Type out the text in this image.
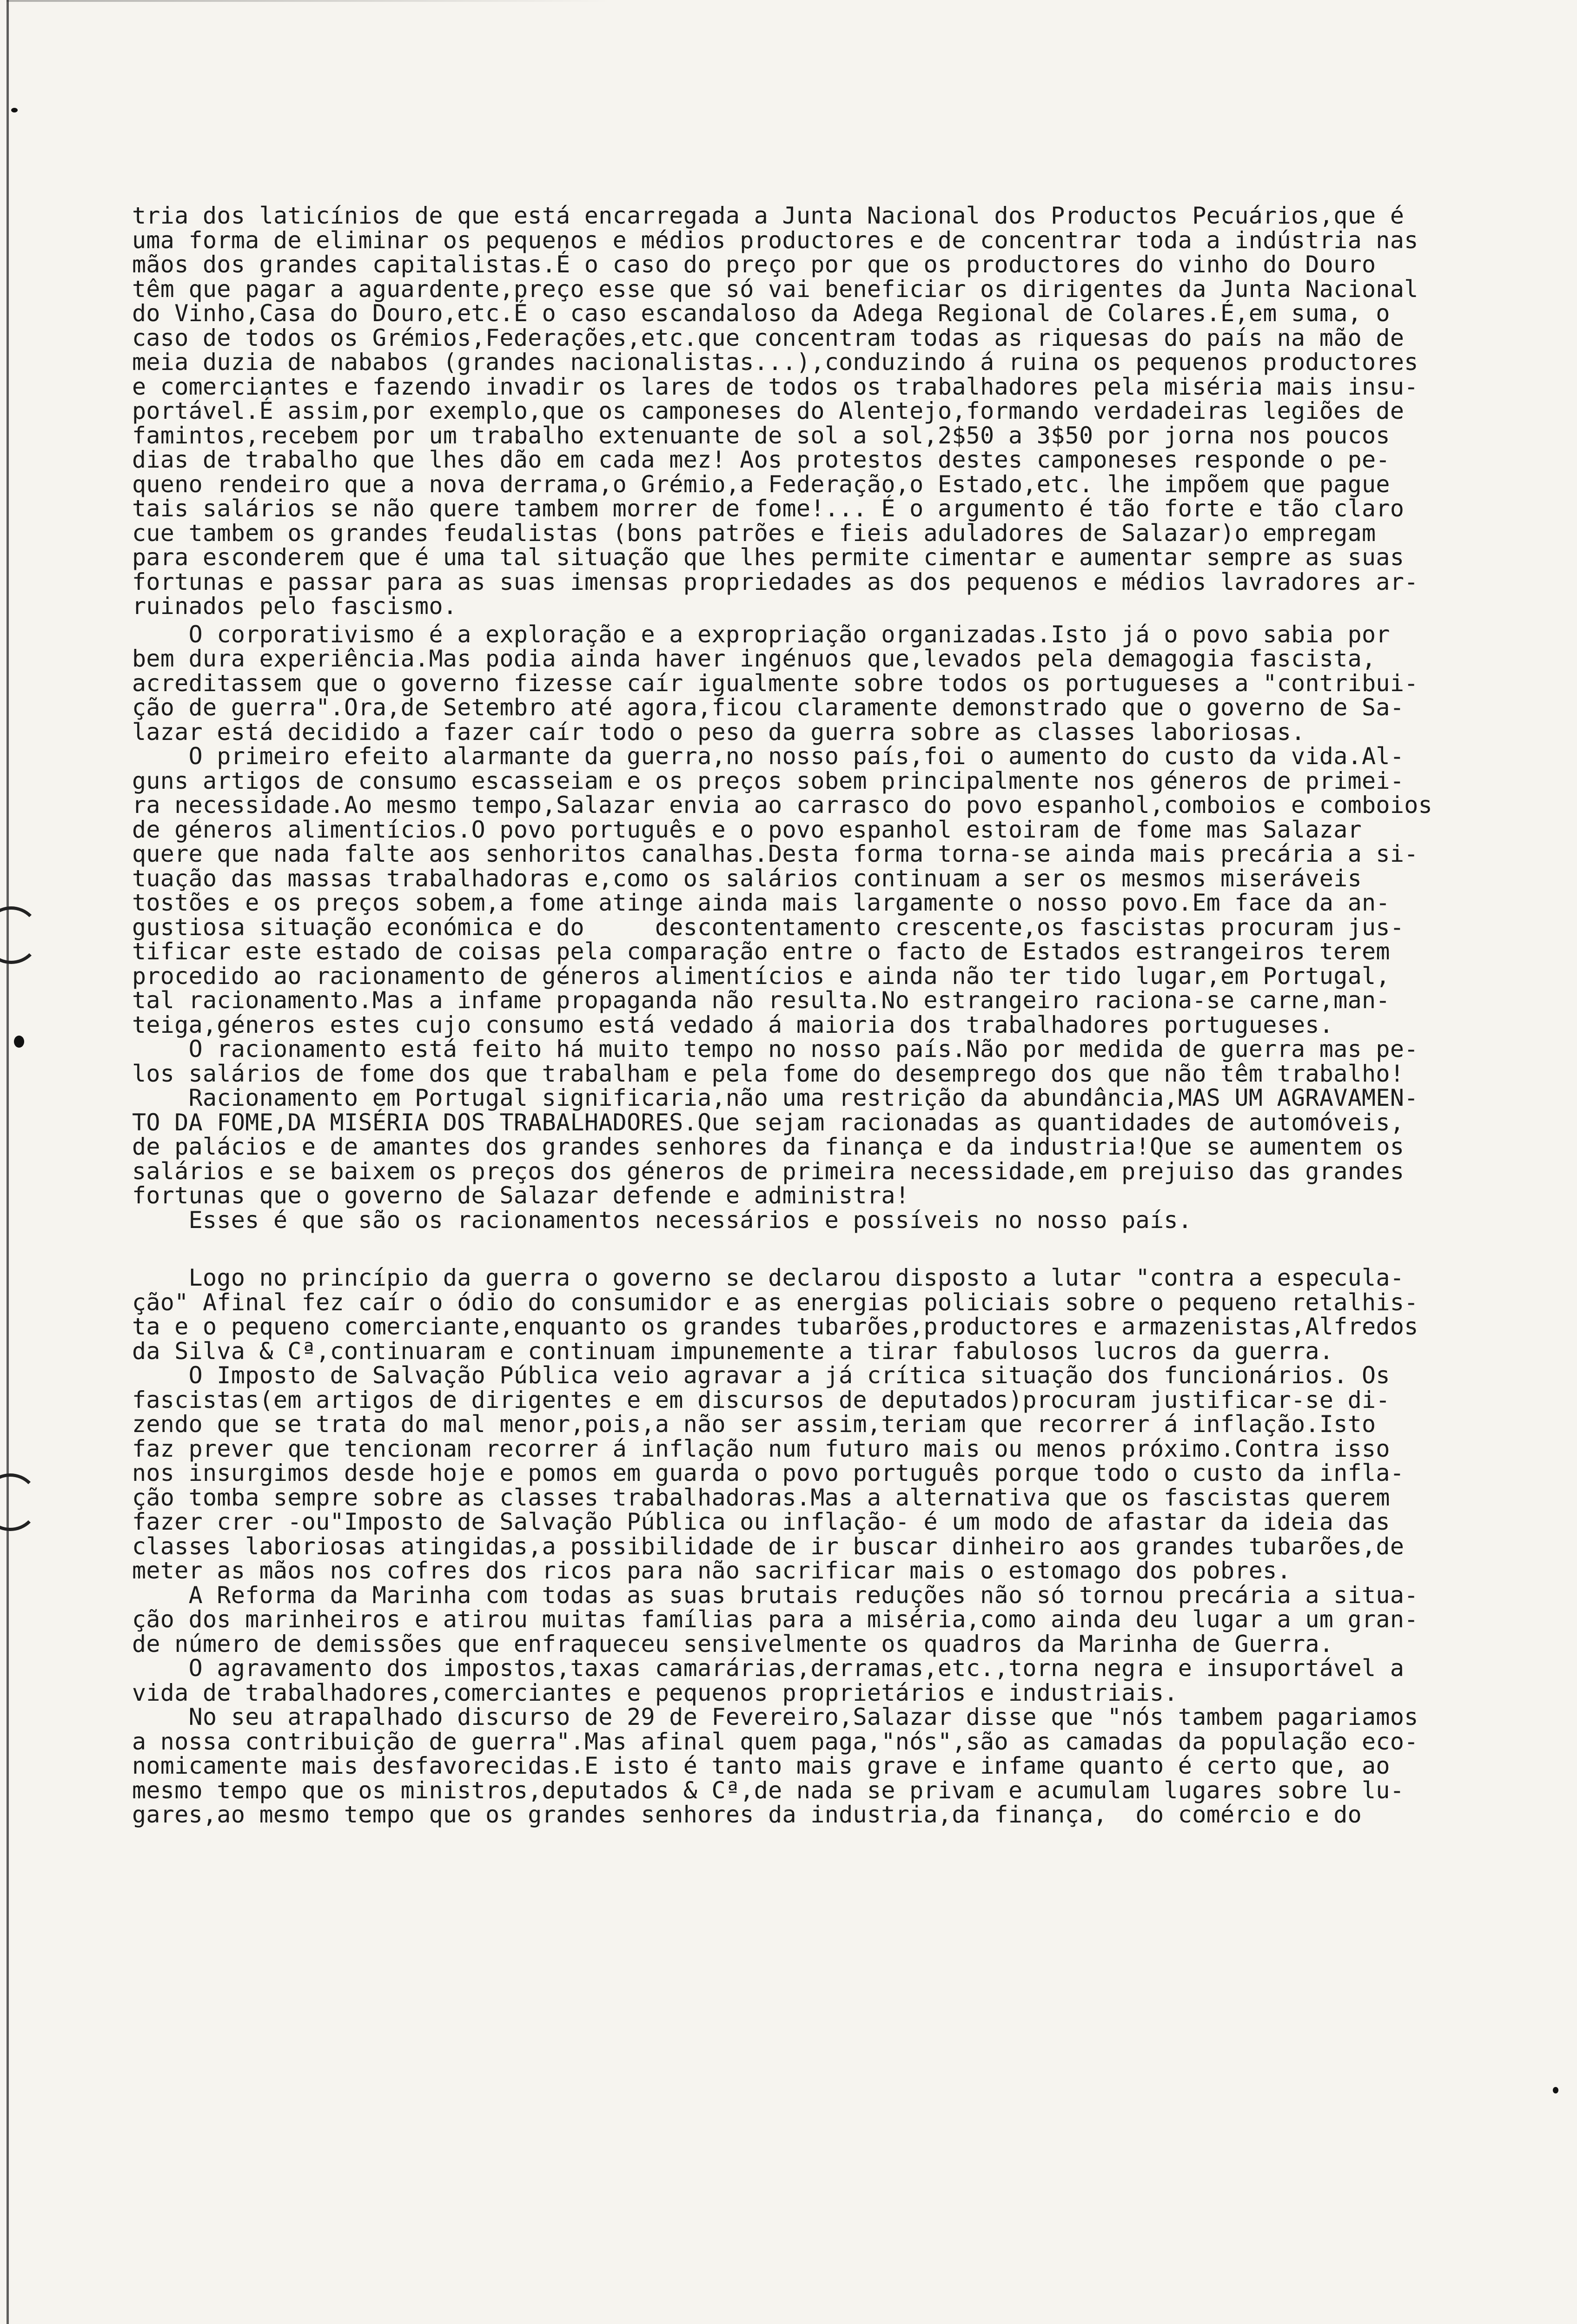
tria dos laticínios de que está encarregada a Junta Nacional dos Productos Pecuários,que é
uma forma de eliminar os pequenos e médios productores e de concentrar toda a indústria nas
mãos dos grandes capitalistas.É o caso do preço por que os productores do vinho do Douro
têm que pagar a aguardente,preço esse que só vai beneficiar os dirigentes da Junta Nacional
do Vinho,Casa do Douro,etc.É o caso escandaloso da Adega Regional de Colares.É,em suma, o
caso de todos os Grémios,Federações,etc.que concentram todas as riquesas do país na mão de
meia duzia de nababos (grandes nacionalistas...),conduzindo á ruina os pequenos productores
e comerciantes e fazendo invadir os lares de todos os trabalhadores pela miséria mais insu-
portável.É assim,por exemplo,que os camponeses do Alentejo,formando verdadeiras legiões de
famintos,recebem por um trabalho extenuante de sol a sol,2$50 a 3$50 por jorna nos poucos
dias de trabalho que lhes dão em cada mez! Aos protestos destes camponeses responde o pe-
queno rendeiro que a nova derrama,o Grémio,a Federação,o Estado,etc. lhe impõem que pague
tais salários se não quere tambem morrer de fome!... É o argumento é tão forte e tão claro
cue tambem os grandes feudalistas (bons patrões e fieis aduladores de Salazar)o empregam
para esconderem que é uma tal situação que lhes permite cimentar e aumentar sempre as suas
fortunas e passar para as suas imensas propriedades as dos pequenos e médios lavradores ar-
ruinados pelo fascismo.
O corporativismo é a exploração e a expropriação organizadas.Isto já o povo sabia por
bem dura experiência.Mas podia ainda haver ingénuos que,levados pela demagogia fascista,
acreditassem que o governo fizesse caír igualmente sobre todos os portugueses a "contribui-
ção de guerra".Ora,de Setembro até agora,ficou claramente demonstrado que o governo de Sa-
lazar está decidido a fazer caír todo o peso da guerra sobre as classes laboriosas.
O primeiro efeito alarmante da guerra,no nosso país,foi o aumento do custo da vida.Al-
guns artigos de consumo escasseiam e os preços sobem principalmente nos géneros de primei-
ra necessidade.Ao mesmo tempo,Salazar envia ao carrasco do povo espanhol,comboios e comboios
de géneros alimentícios.O povo português e o povo espanhol estoiram de fome mas Salazar
quere que nada falte aos senhoritos canalhas.Desta forma torna-se ainda mais precária a si-
tuação das massas trabalhadoras e,como os salários continuam a ser os mesmos miseráveis
tostões e os preços sobem,a fome atinge ainda mais largamente o nosso povo.Em face da an-
gustiosa situação económica e do     descontentamento crescente,os fascistas procuram jus-
tificar este estado de coisas pela comparação entre o facto de Estados estrangeiros terem
procedido ao racionamento de géneros alimentícios e ainda não ter tido lugar,em Portugal,
tal racionamento.Mas a infame propaganda não resulta.No estrangeiro raciona-se carne,man-
teiga,géneros estes cujo consumo está vedado á maioria dos trabalhadores portugueses.
O racionamento está feito há muito tempo no nosso país.Não por medida de guerra mas pe-
los salários de fome dos que trabalham e pela fome do desemprego dos que não têm trabalho!
Racionamento em Portugal significaria,não uma restrição da abundância,MAS UM AGRAVAMEN-
TO DA FOME,DA MISÉRIA DOS TRABALHADORES.Que sejam racionadas as quantidades de automóveis,
de palácios e de amantes dos grandes senhores da finança e da industria!Que se aumentem os
salários e se baixem os preços dos géneros de primeira necessidade,em prejuiso das grandes
fortunas que o governo de Salazar defende e administra!
Esses é que são os racionamentos necessários e possíveis no nosso país.
Logo no princípio da guerra o governo se declarou disposto a lutar "contra a especula-
ção" Afinal fez caír o ódio do consumidor e as energias policiais sobre o pequeno retalhis-
ta e o pequeno comerciante,enquanto os grandes tubarões,productores e armazenistas,Alfredos
da Silva & Cª,continuaram e continuam impunemente a tirar fabulosos lucros da guerra.
O Imposto de Salvação Pública veio agravar a já crítica situação dos funcionários. Os
fascistas(em artigos de dirigentes e em discursos de deputados)procuram justificar-se di-
zendo que se trata do mal menor,pois,a não ser assim,teriam que recorrer á inflação.Isto
faz prever que tencionam recorrer á inflação num futuro mais ou menos próximo.Contra isso
nos insurgimos desde hoje e pomos em guarda o povo português porque todo o custo da infla-
ção tomba sempre sobre as classes trabalhadoras.Mas a alternativa que os fascistas querem
fazer crer -ou"Imposto de Salvação Pública ou inflação- é um modo de afastar da ideia das
classes laboriosas atingidas,a possibilidade de ir buscar dinheiro aos grandes tubarões,de
meter as mãos nos cofres dos ricos para não sacrificar mais o estomago dos pobres.
A Reforma da Marinha com todas as suas brutais reduções não só tornou precária a situa-
ção dos marinheiros e atirou muitas famílias para a miséria,como ainda deu lugar a um gran-
de número de demissões que enfraqueceu sensivelmente os quadros da Marinha de Guerra.
O agravamento dos impostos,taxas camarárias,derramas,etc.,torna negra e insuportável a
vida de trabalhadores,comerciantes e pequenos proprietários e industriais.
No seu atrapalhado discurso de 29 de Fevereiro,Salazar disse que "nós tambem pagariamos
a nossa contribuição de guerra".Mas afinal quem paga,"nós",são as camadas da população eco-
nomicamente mais desfavorecidas.E isto é tanto mais grave e infame quanto é certo que, ao
mesmo tempo que os ministros,deputados & Cª,de nada se privam e acumulam lugares sobre lu-
gares,ao mesmo tempo que os grandes senhores da industria,da finança,  do comércio e do
